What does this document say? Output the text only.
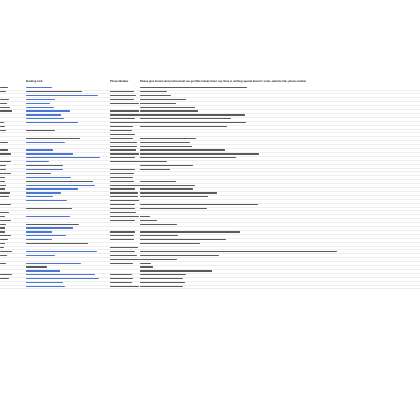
Booking Link	Phone Number	Please give honest and professional: we get little human time I say there is nothing special about it: notes, website link, phone number
